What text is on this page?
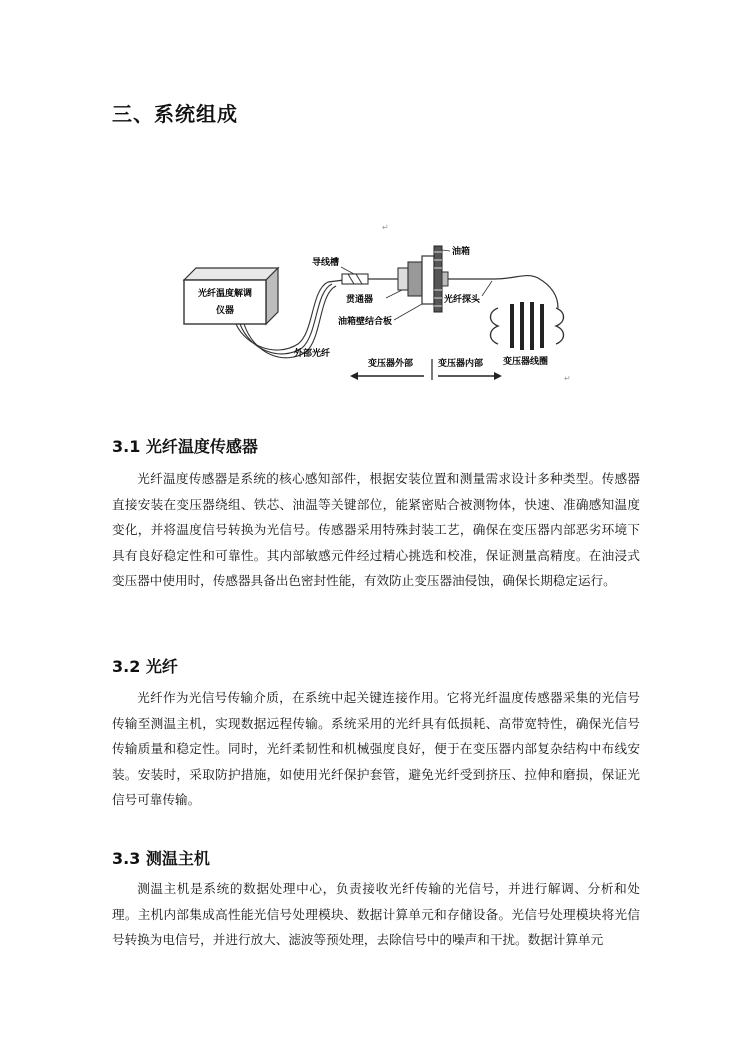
三、系统组成
↵
↵
光纤温度解调
仪器
导线槽
油箱
贯通器	光纤探头
油箱壁结合板
外部光纤
变压器线圈
变压器外部	变压器内部
3.1 光纤温度传感器

光纤温度传感器是系统的核心感知部件，根据安装位置和测量需求设计多种类型。传感器直接安装在变压器绕组、铁芯、油温等关键部位，能紧密贴合被测物体，快速、准确感知温度变化，并将温度信号转换为光信号。传感器采用特殊封装工艺，确保在变压器内部恶劣环境下具有良好稳定性和可靠性。其内部敏感元件经过精心挑选和校准，保证测量高精度。在油浸式变压器中使用时，传感器具备出色密封性能，有效防止变压器油侵蚀，确保长期稳定运行。

3.2 光纤

光纤作为光信号传输介质，在系统中起关键连接作用。它将光纤温度传感器采集的光信号传输至测温主机，实现数据远程传输。系统采用的光纤具有低损耗、高带宽特性，确保光信号传输质量和稳定性。同时，光纤柔韧性和机械强度良好，便于在变压器内部复杂结构中布线安装。安装时，采取防护措施，如使用光纤保护套管，避免光纤受到挤压、拉伸和磨损，保证光信号可靠传输。

3.3 测温主机

测温主机是系统的数据处理中心，负责接收光纤传输的光信号，并进行解调、分析和处理。主机内部集成高性能光信号处理模块、数据计算单元和存储设备。光信号处理模块将光信号转换为电信号，并进行放大、滤波等预处理，去除信号中的噪声和干扰。数据计算单元
